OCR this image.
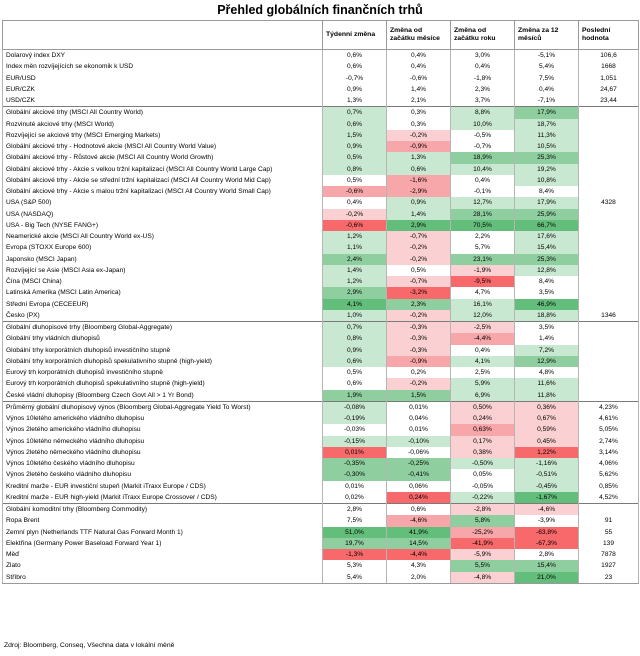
Přehled globálních finančních trhů
	Týdenní změna	Změna od začátku měsíce	Změna od začátku roku	Změna za 12 měsíců	Poslední hodnota
Dolarový index DXY	0,6%	0,4%	3,0%	-5,1%	106,6
Index měn rozvíjejících se ekonomik k USD	0,6%	0,4%	0,4%	5,4%	1668
EUR/USD	-0,7%	-0,6%	-1,8%	7,5%	1,051
EUR/CZK	0,9%	1,4%	2,3%	0,4%	24,67
USD/CZK	1,3%	2,1%	3,7%	-7,1%	23,44
Globální akciové trhy (MSCI All Country World)	0,7%	0,3%	8,8%	17,9%	
Rozvinuté akciové trhy (MSCI World)	0,6%	0,3%	10,0%	18,7%	
Rozvíjející se akciové trhy (MSCI Emerging Markets)	1,5%	-0,2%	-0,5%	11,3%	
Globální akciové trhy - Hodnotové akcie (MSCI All Country World Value)	0,9%	-0,9%	-0,7%	10,5%	
Globální akciové trhy - Růstové akcie (MSCI All Country World Growth)	0,5%	1,3%	18,9%	25,3%	
Globální akciové trhy - Akcie s velkou tržní kapitalizací (MSCI All Country World Large Cap)	0,8%	0,6%	10,4%	19,2%	
Globální akciové trhy - Akcie se střední tržní kapitalizací (MSCI All Country World Mid Cap)	0,5%	-1,6%	0,4%	10,8%	
Globální akciové trhy - Akcie s malou tržní kapitalizací (MSCI All Country World Small Cap)	-0,6%	-2,9%	-0,1%	8,4%	
USA (S&P 500)	0,4%	0,9%	12,7%	17,9%	4328
USA (NASDAQ)	-0,2%	1,4%	28,1%	25,9%	
USA - Big Tech (NYSE FANG+)	-0,6%	2,9%	70,5%	66,7%	
Neamerické akcie (MSCI All Country World ex-US)	1,2%	-0,7%	2,2%	17,6%	
Evropa (STOXX Europe 600)	1,1%	-0,2%	5,7%	15,4%	
Japonsko (MSCI Japan)	2,4%	-0,2%	23,1%	25,3%	
Rozvíjející se Asie (MSCI Asia ex-Japan)	1,4%	0,5%	-1,9%	12,8%	
Čína (MSCI China)	1,2%	-0,7%	-9,5%	8,4%	
Latinská Amerika (MSCI Latin America)	2,9%	-3,2%	4,7%	3,5%	
Střední Evropa (CECEEUR)	4,1%	2,3%	16,1%	46,9%	
Česko (PX)	1,0%	-0,2%	12,0%	18,8%	1346
Globální dluhopisové trhy (Bloomberg Global-Aggregate)	0,7%	-0,3%	-2,5%	3,5%	
Globální trhy vládních dluhopisů	0,8%	-0,3%	-4,4%	1,4%	
Globální trhy korporátních dluhopisů investičního stupně	0,9%	-0,3%	0,4%	7,2%	
Globální trhy korporátních dluhopisů spekulativního stupně (high-yield)	0,6%	-0,9%	4,1%	12,9%	
Eurový trh korporátních dluhopisů investičního stupně	0,5%	0,2%	2,5%	4,8%	
Eurový trh korporátních dluhopisů spekulativního stupně (high-yield)	0,6%	-0,2%	5,9%	11,6%	
České vládní dluhopisy (Bloomberg Czech Govt All > 1 Yr Bond)	1,9%	1,5%	6,9%	11,8%	
Průměrný globální dluhopisový výnos (Bloomberg Global-Aggregate Yield To Worst)	-0,08%	0,01%	0,50%	0,36%	4,23%
Výnos 10letého amerického vládního dluhopisu	-0,19%	0,04%	0,24%	0,67%	4,61%
Výnos 2letého amerického vládního dluhopisu	-0,03%	0,01%	0,63%	0,59%	5,05%
Výnos 10letého německého vládního dluhopisu	-0,15%	-0,10%	0,17%	0,45%	2,74%
Výnos 2letého německého vládního dluhopisu	0,01%	-0,06%	0,38%	1,22%	3,14%
Výnos 10letého českého vládního dluhopisu	-0,35%	-0,25%	-0,50%	-1,16%	4,06%
Výnos 2letého českého vládního dluhopisu	-0,30%	-0,41%	0,05%	-0,51%	5,62%
Kreditní marže - EUR investiční stupeň (Markit iTraxx Europe / CDS)	0,01%	0,06%	-0,05%	-0,45%	0,85%
Kreditní marže - EUR high-yield (Markit iTraxx Europe Crossover / CDS)	0,02%	0,24%	-0,22%	-1,67%	4,52%
Globální komoditní trhy (Bloomberg Commodity)	2,8%	0,6%	-2,8%	-4,6%	
Ropa Brent	7,5%	-4,6%	5,8%	-3,9%	91
Zemní plyn (Netherlands TTF Natural Gas Forward Month 1)	51,0%	41,9%	-25,2%	-63,8%	55
Elektřina (Germany Power Baseload Forward Year 1)	19,7%	14,5%	-41,9%	-67,3%	139
Měď	-1,3%	-4,4%	-5,9%	2,8%	7878
Zlato	5,3%	4,3%	5,5%	15,4%	1927
Stříbro	5,4%	2,0%	-4,8%	21,0%	23
Zdroj: Bloomberg, Conseq, Všechna data v lokální měně
